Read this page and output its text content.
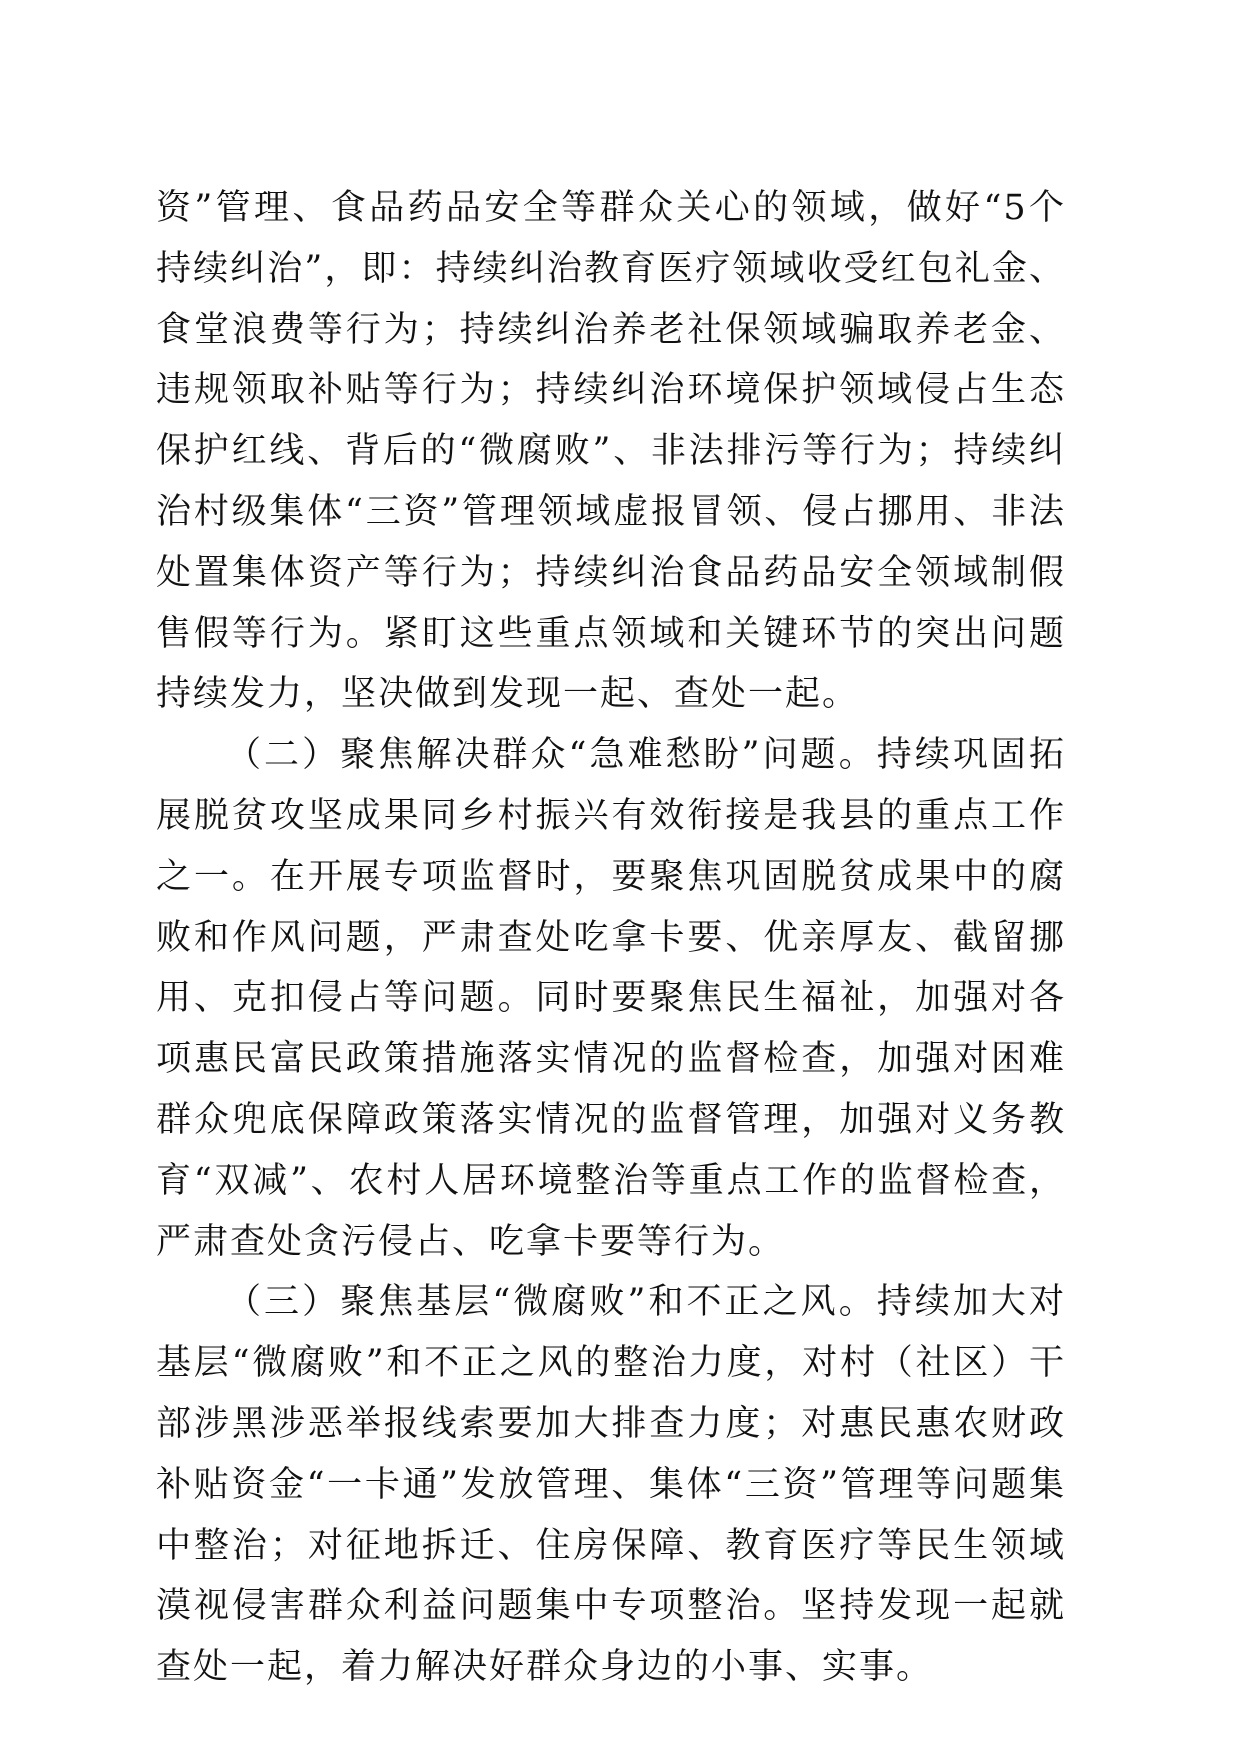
资”管理、食品药品安全等群众关心的领域，做好“5个持续纠治”，即：持续纠治教育医疗领域收受红包礼金、食堂浪费等行为；持续纠治养老社保领域骗取养老金、违规领取补贴等行为；持续纠治环境保护领域侵占生态保护红线、背后的“微腐败”、非法排污等行为；持续纠治村级集体“三资”管理领域虚报冒领、侵占挪用、非法处置集体资产等行为；持续纠治食品药品安全领域制假售假等行为。紧盯这些重点领域和关键环节的突出问题持续发力，坚决做到发现一起、查处一起。

（二）聚焦解决群众“急难愁盼”问题。持续巩固拓展脱贫攻坚成果同乡村振兴有效衔接是我县的重点工作之一。在开展专项监督时，要聚焦巩固脱贫成果中的腐败和作风问题，严肃查处吃拿卡要、优亲厚友、截留挪用、克扣侵占等问题。同时要聚焦民生福祉，加强对各项惠民富民政策措施落实情况的监督检查，加强对困难群众兜底保障政策落实情况的监督管理，加强对义务教育“双减”、农村人居环境整治等重点工作的监督检查，严肃查处贪污侵占、吃拿卡要等行为。

（三）聚焦基层“微腐败”和不正之风。持续加大对基层“微腐败”和不正之风的整治力度，对村（社区）干部涉黑涉恶举报线索要加大排查力度；对惠民惠农财政补贴资金“一卡通”发放管理、集体“三资”管理等问题集中整治；对征地拆迁、住房保障、教育医疗等民生领域漠视侵害群众利益问题集中专项整治。坚持发现一起就查处一起，着力解决好群众身边的小事、实事。
